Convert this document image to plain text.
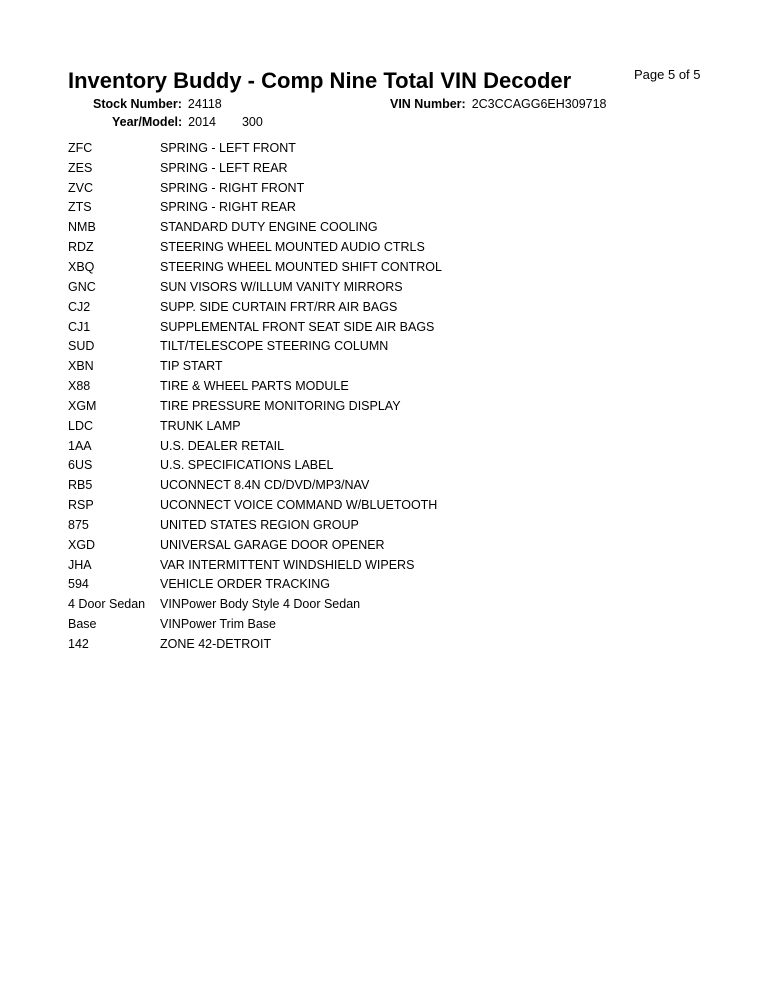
Inventory Buddy - Comp Nine Total VIN Decoder	Page 5 of 5
Stock Number: 24118	VIN Number: 2C3CCAGG6EH309718
Year/Model: 2014 300
ZFC	SPRING - LEFT FRONT
ZES	SPRING - LEFT REAR
ZVC	SPRING - RIGHT FRONT
ZTS	SPRING - RIGHT REAR
NMB	STANDARD DUTY ENGINE COOLING
RDZ	STEERING WHEEL MOUNTED AUDIO CTRLS
XBQ	STEERING WHEEL MOUNTED SHIFT CONTROL
GNC	SUN VISORS W/ILLUM VANITY MIRRORS
CJ2	SUPP. SIDE CURTAIN FRT/RR AIR BAGS
CJ1	SUPPLEMENTAL FRONT SEAT SIDE AIR BAGS
SUD	TILT/TELESCOPE STEERING COLUMN
XBN	TIP START
X88	TIRE & WHEEL PARTS MODULE
XGM	TIRE PRESSURE MONITORING DISPLAY
LDC	TRUNK LAMP
1AA	U.S. DEALER RETAIL
6US	U.S. SPECIFICATIONS LABEL
RB5	UCONNECT 8.4N CD/DVD/MP3/NAV
RSP	UCONNECT VOICE COMMAND W/BLUETOOTH
875	UNITED STATES REGION GROUP
XGD	UNIVERSAL GARAGE DOOR OPENER
JHA	VAR INTERMITTENT WINDSHIELD WIPERS
594	VEHICLE ORDER TRACKING
4 Door Sedan	VINPower Body Style 4 Door Sedan
Base	VINPower Trim Base
142	ZONE 42-DETROIT
